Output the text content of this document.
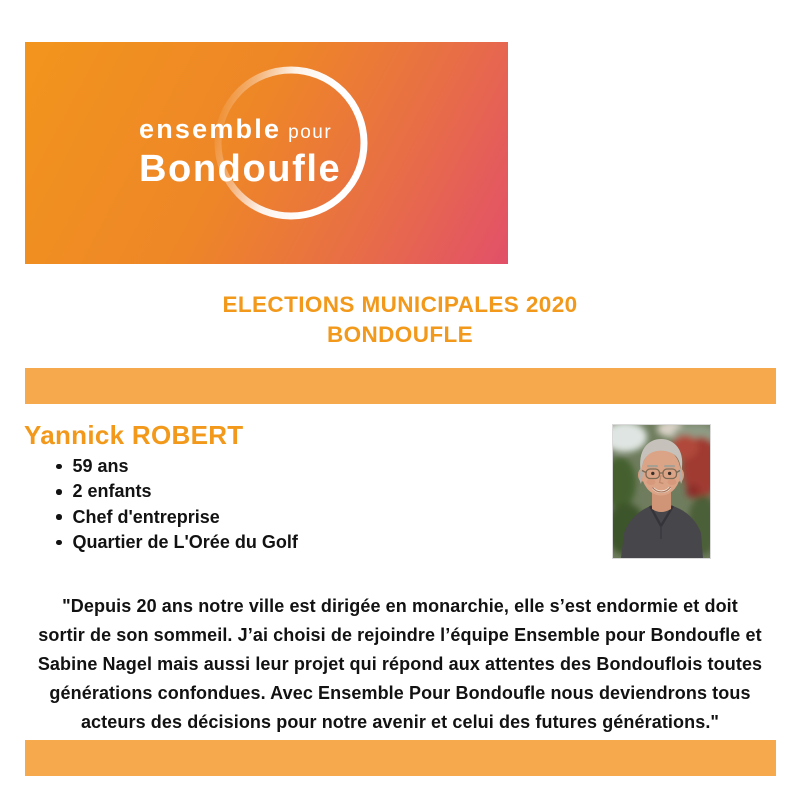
ensemble pour
Bondoufle
ELECTIONS MUNICIPALES 2020
BONDOUFLE
Yannick ROBERT
59 ans
2 enfants
Chef d'entreprise
Quartier de L'Orée du Golf
"Depuis 20 ans notre ville est dirigée en monarchie, elle s’est endormie et doit
sortir de son sommeil. J’ai choisi de rejoindre l’équipe Ensemble pour Bondoufle et
Sabine Nagel mais aussi leur projet qui répond aux attentes des Bondouflois toutes
générations confondues. Avec Ensemble Pour Bondoufle nous deviendrons tous
acteurs des décisions pour notre avenir et celui des futures générations."
